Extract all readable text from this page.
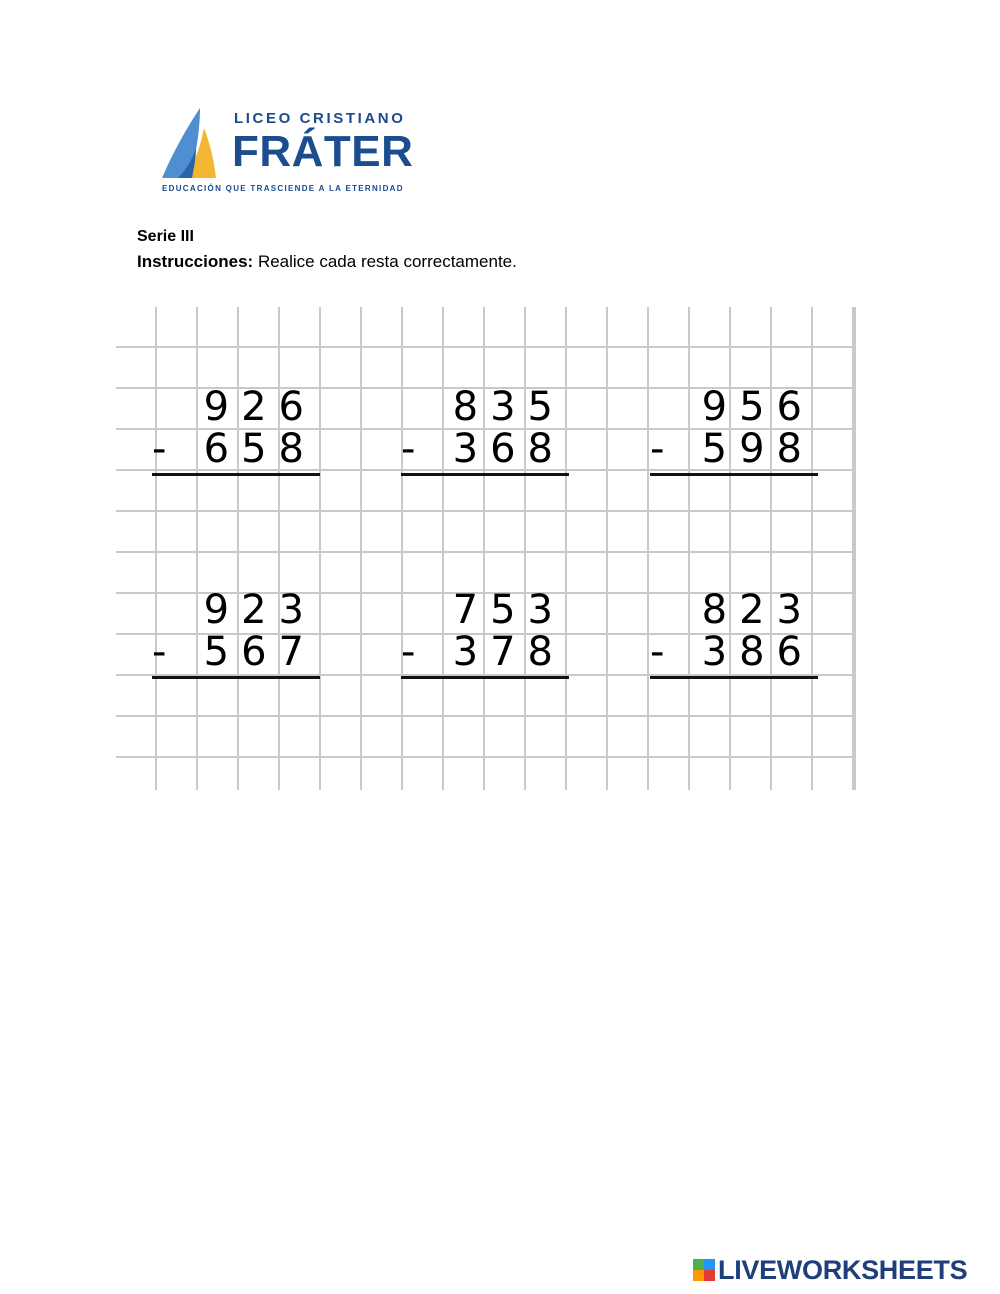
LICEO CRISTIANO
FRÁTER
EDUCACIÓN QUE TRASCIENDE A LA ETERNIDAD
Serie III
Instrucciones: Realice cada resta correctamente.
926
- 658
835
- 368
956
- 598
923
- 567
753
- 378
823
- 386
LIVEWORKSHEETS
